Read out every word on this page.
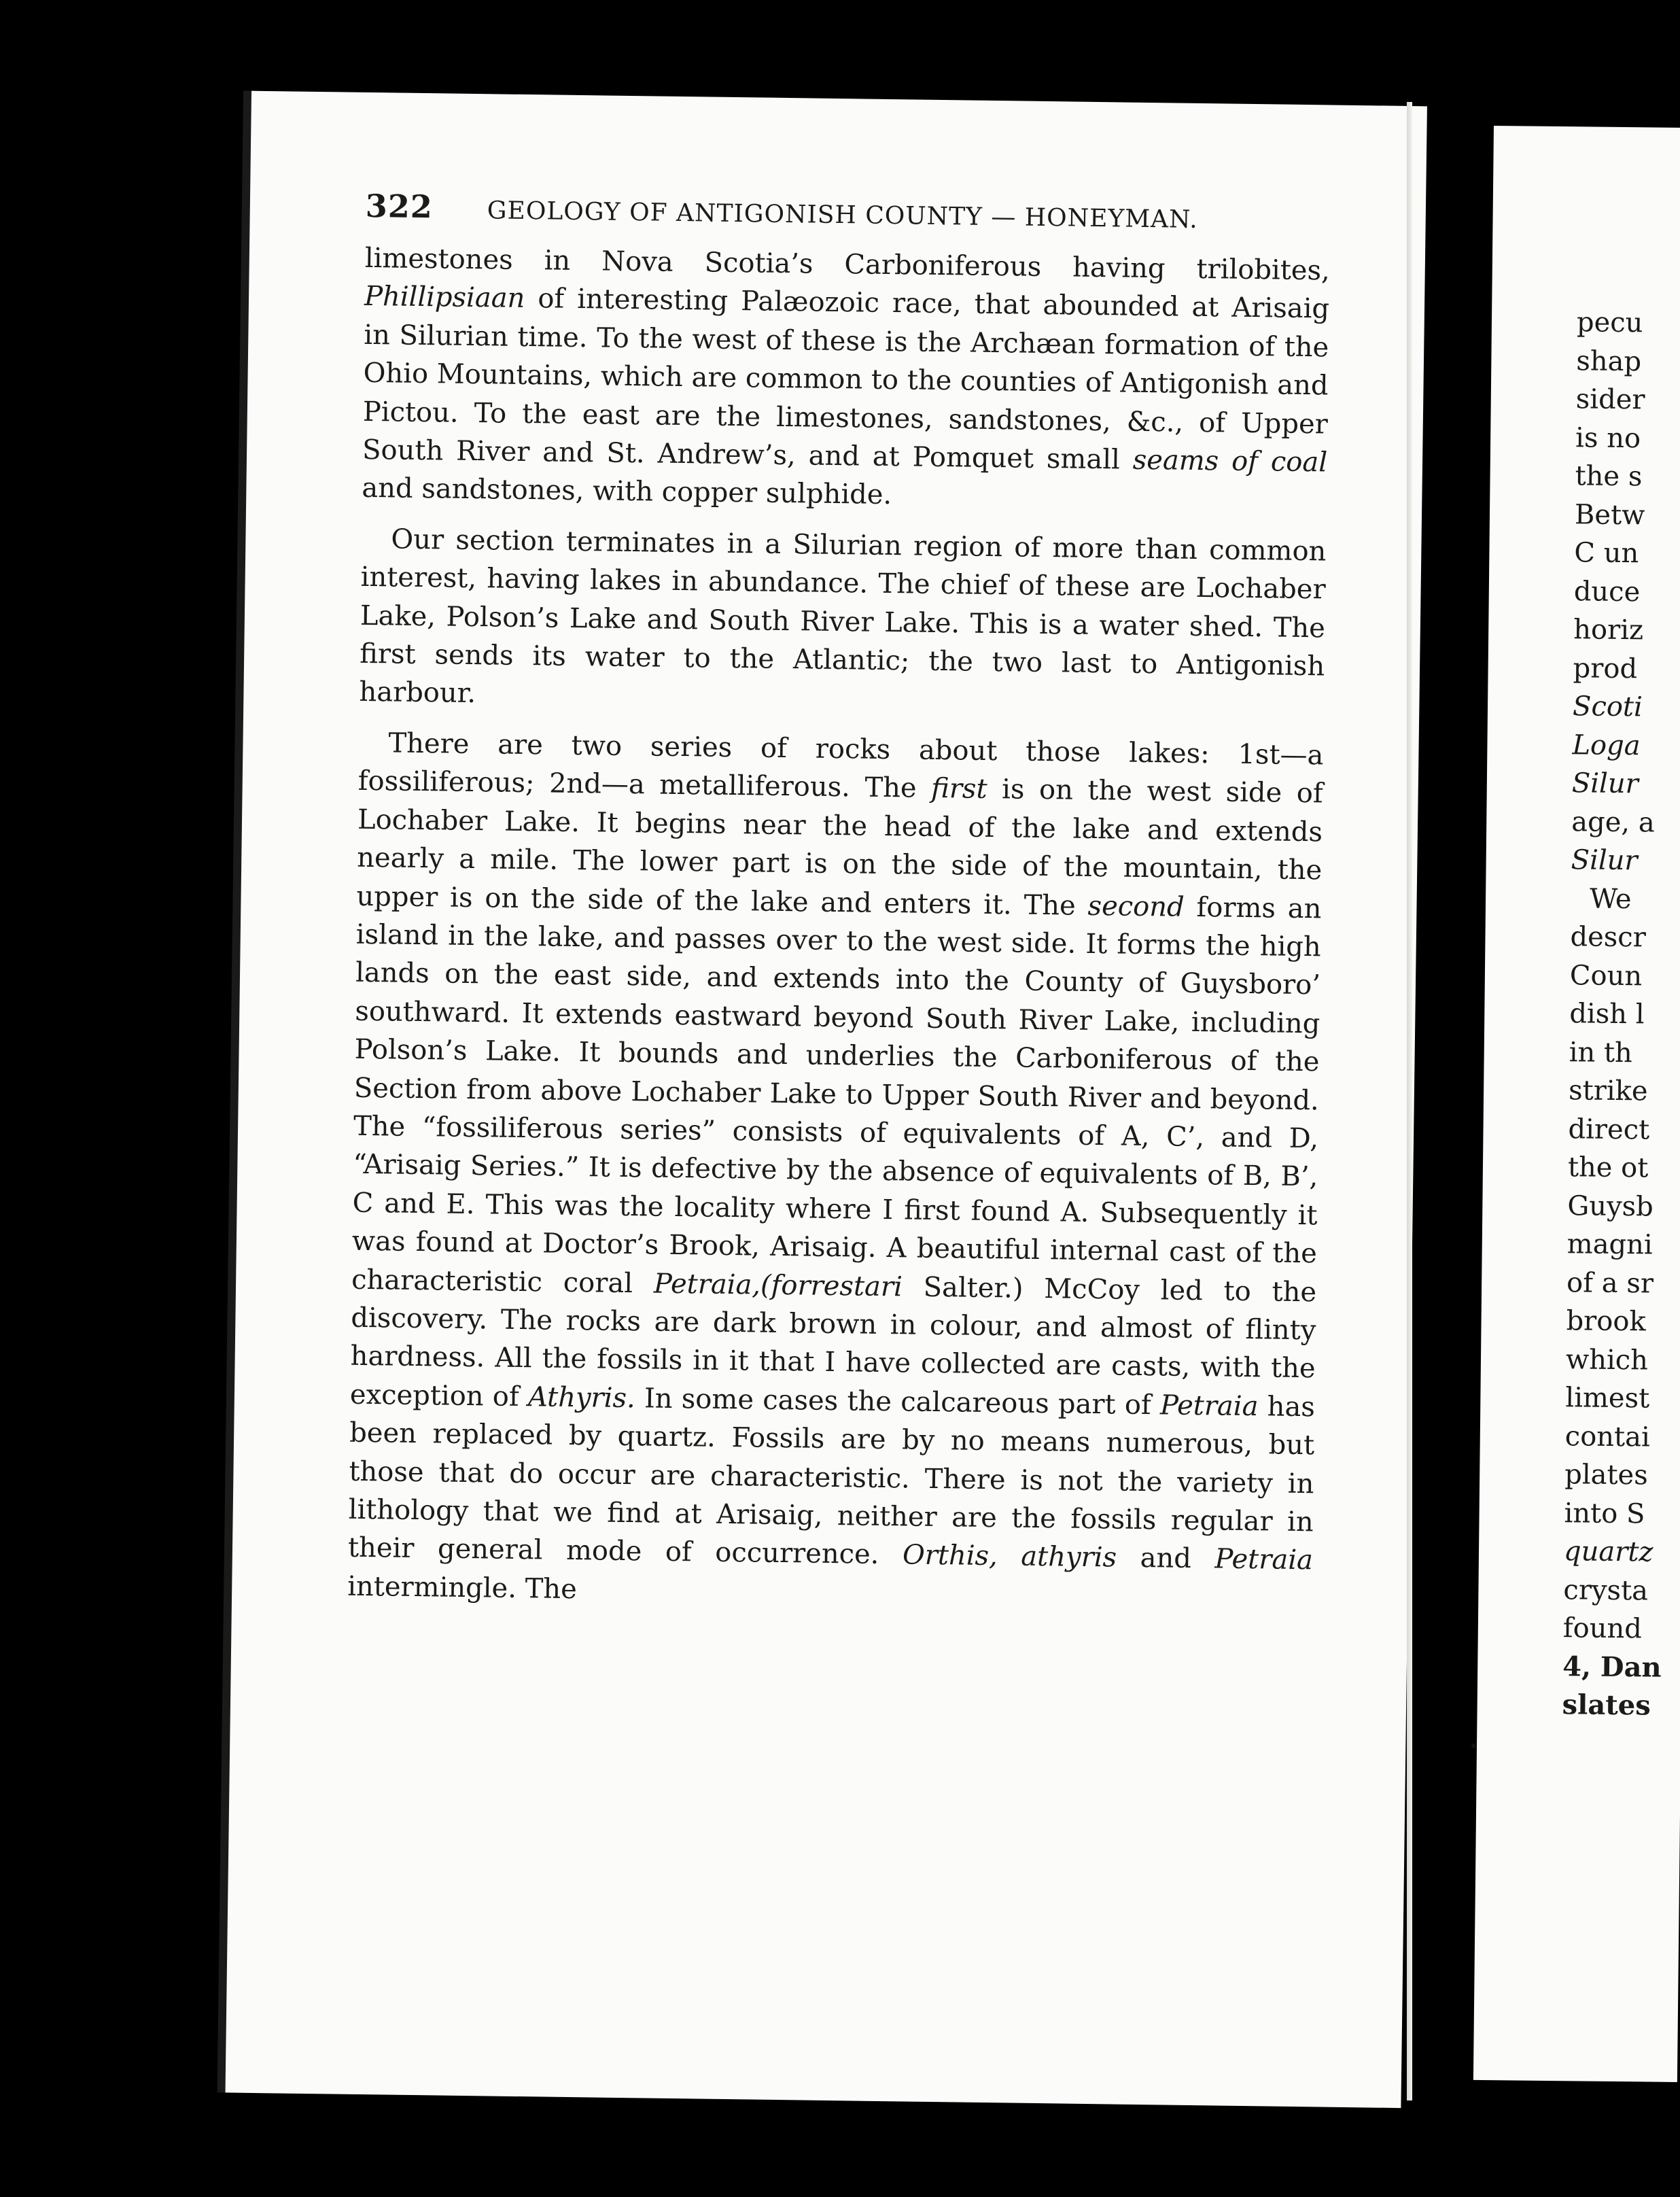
322 GEOLOGY OF ANTIGONISH COUNTY — HONEYMAN.

limestones in Nova Scotia’s Carboniferous having trilobites, Phillipsiaan of interesting Palæozoic race, that abounded at Arisaig in Silurian time. To the west of these is the Archæan formation of the Ohio Mountains, which are common to the counties of Antigonish and Pictou. To the east are the limestones, sandstones, &c., of Upper South River and St. Andrew’s, and at Pomquet small seams of coal and sandstones, with copper sulphide.

Our section terminates in a Silurian region of more than common interest, having lakes in abundance. The chief of these are Lochaber Lake, Polson’s Lake and South River Lake. This is a water shed. The first sends its water to the Atlantic; the two last to Antigonish harbour.

There are two series of rocks about those lakes: 1st—a fossiliferous; 2nd—a metalliferous. The first is on the west side of Lochaber Lake. It begins near the head of the lake and extends nearly a mile. The lower part is on the side of the mountain, the upper is on the side of the lake and enters it. The second forms an island in the lake, and passes over to the west side. It forms the high lands on the east side, and extends into the County of Guysboro’ southward. It extends eastward beyond South River Lake, including Polson’s Lake. It bounds and underlies the Carboniferous of the Section from above Lochaber Lake to Upper South River and beyond. The “fossiliferous series” consists of equivalents of A, C’, and D, “Arisaig Series.” It is defective by the absence of equivalents of B, B’, C and E. This was the locality where I first found A. Subsequently it was found at Doctor’s Brook, Arisaig. A beautiful internal cast of the characteristic coral Petraia,(forrestari Salter.) McCoy led to the discovery. The rocks are dark brown in colour, and almost of flinty hardness. All the fossils in it that I have collected are casts, with the exception of Athyris. In some cases the calcareous part of Petraia has been replaced by quartz. Fossils are by no means numerous, but those that do occur are characteristic. There is not the variety in lithology that we find at Arisaig, neither are the fossils regular in their general mode of occurrence. Orthis, athyris and Petraia intermingle. The

pecu
shap
sider
is no
the s
Betw
C un
duce
horiz
prod
Scoti
Loga
Silur
age, a
Silur
We
descr
Coun
dish l
in th
strike
direct
the ot
Guysb
magni
of a sr
brook
which
limest
contai
plates
into S
quartz
crysta
found
4, Dan
slates
